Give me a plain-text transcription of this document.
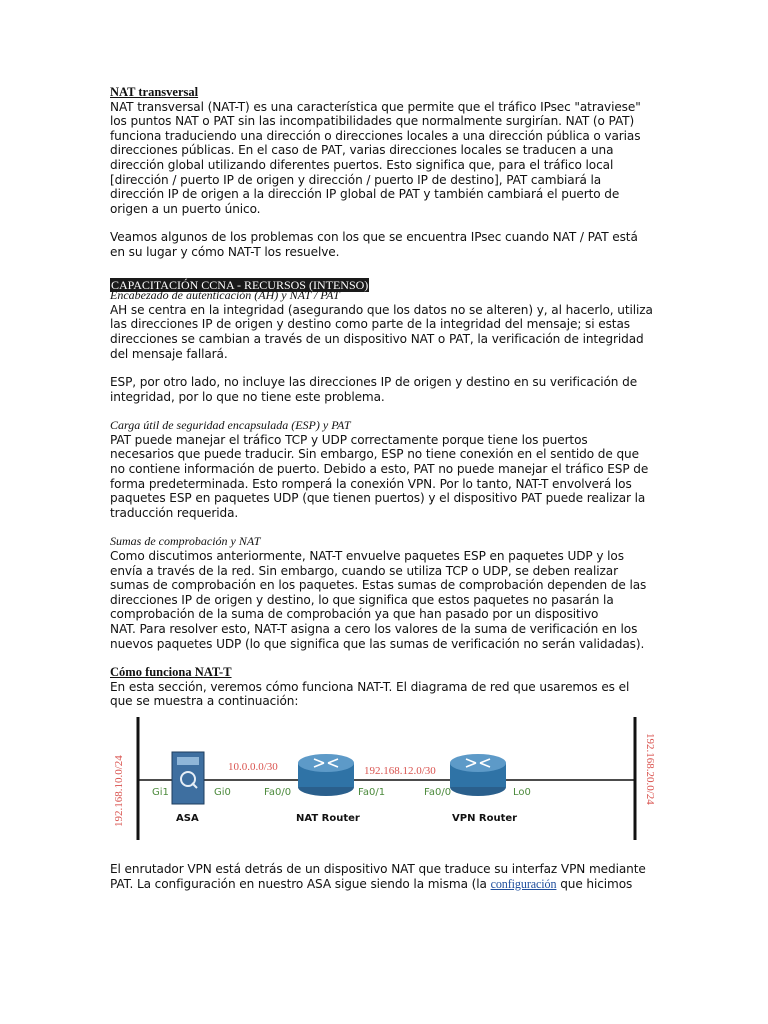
NAT transversal

NAT transversal (NAT-T) es una característica que permite que el tráfico IPsec "atraviese"

los puntos NAT o PAT sin las incompatibilidades que normalmente surgirían. NAT (o PAT)

funciona traduciendo una dirección o direcciones locales a una dirección pública o varias

direcciones públicas. En el caso de PAT, varias direcciones locales se traducen a una

dirección global utilizando diferentes puertos. Esto significa que, para el tráfico local

[dirección / puerto IP de origen y dirección / puerto IP de destino], PAT cambiará la

dirección IP de origen a la dirección IP global de PAT y también cambiará el puerto de

origen a un puerto único.

Veamos algunos de los problemas con los que se encuentra IPsec cuando NAT / PAT está

en su lugar y cómo NAT-T los resuelve.

CAPACITACIÓN CCNA - RECURSOS (INTENSO)

Encabezado de autenticación (AH) y NAT / PAT

AH se centra en la integridad (asegurando que los datos no se alteren) y, al hacerlo, utiliza

las direcciones IP de origen y destino como parte de la integridad del mensaje; si estas

direcciones se cambian a través de un dispositivo NAT o PAT, la verificación de integridad

del mensaje fallará.

ESP, por otro lado, no incluye las direcciones IP de origen y destino en su verificación de

integridad, por lo que no tiene este problema.

Carga útil de seguridad encapsulada (ESP) y PAT

PAT puede manejar el tráfico TCP y UDP correctamente porque tiene los puertos

necesarios que puede traducir. Sin embargo, ESP no tiene conexión en el sentido de que

no contiene información de puerto. Debido a esto, PAT no puede manejar el tráfico ESP de

forma predeterminada. Esto romperá la conexión VPN. Por lo tanto, NAT-T envolverá los

paquetes ESP en paquetes UDP (que tienen puertos) y el dispositivo PAT puede realizar la

traducción requerida.

Sumas de comprobación y NAT

Como discutimos anteriormente, NAT-T envuelve paquetes ESP en paquetes UDP y los

envía a través de la red. Sin embargo, cuando se utiliza TCP o UDP, se deben realizar

sumas de comprobación en los paquetes. Estas sumas de comprobación dependen de las

direcciones IP de origen y destino, lo que significa que estos paquetes no pasarán la

comprobación de la suma de comprobación ya que han pasado por un dispositivo

NAT. Para resolver esto, NAT-T asigna a cero los valores de la suma de verificación en los

nuevos paquetes UDP (lo que significa que las sumas de verificación no serán validadas).

Cómo funciona NAT-T

En esta sección, veremos cómo funciona NAT-T. El diagrama de red que usaremos es el

que se muestra a continuación:

192.168.10.0/24	192.168.20.0/24
ASA	NAT Router	VPN Router
10.0.0.0/30	192.168.12.0/30
Gi1	Gi0	Fa0/0	Fa0/1	Fa0/0	Lo0

El enrutador VPN está detrás de un dispositivo NAT que traduce su interfaz VPN mediante

PAT. La configuración en nuestro ASA sigue siendo la misma (la configuración que hicimos
